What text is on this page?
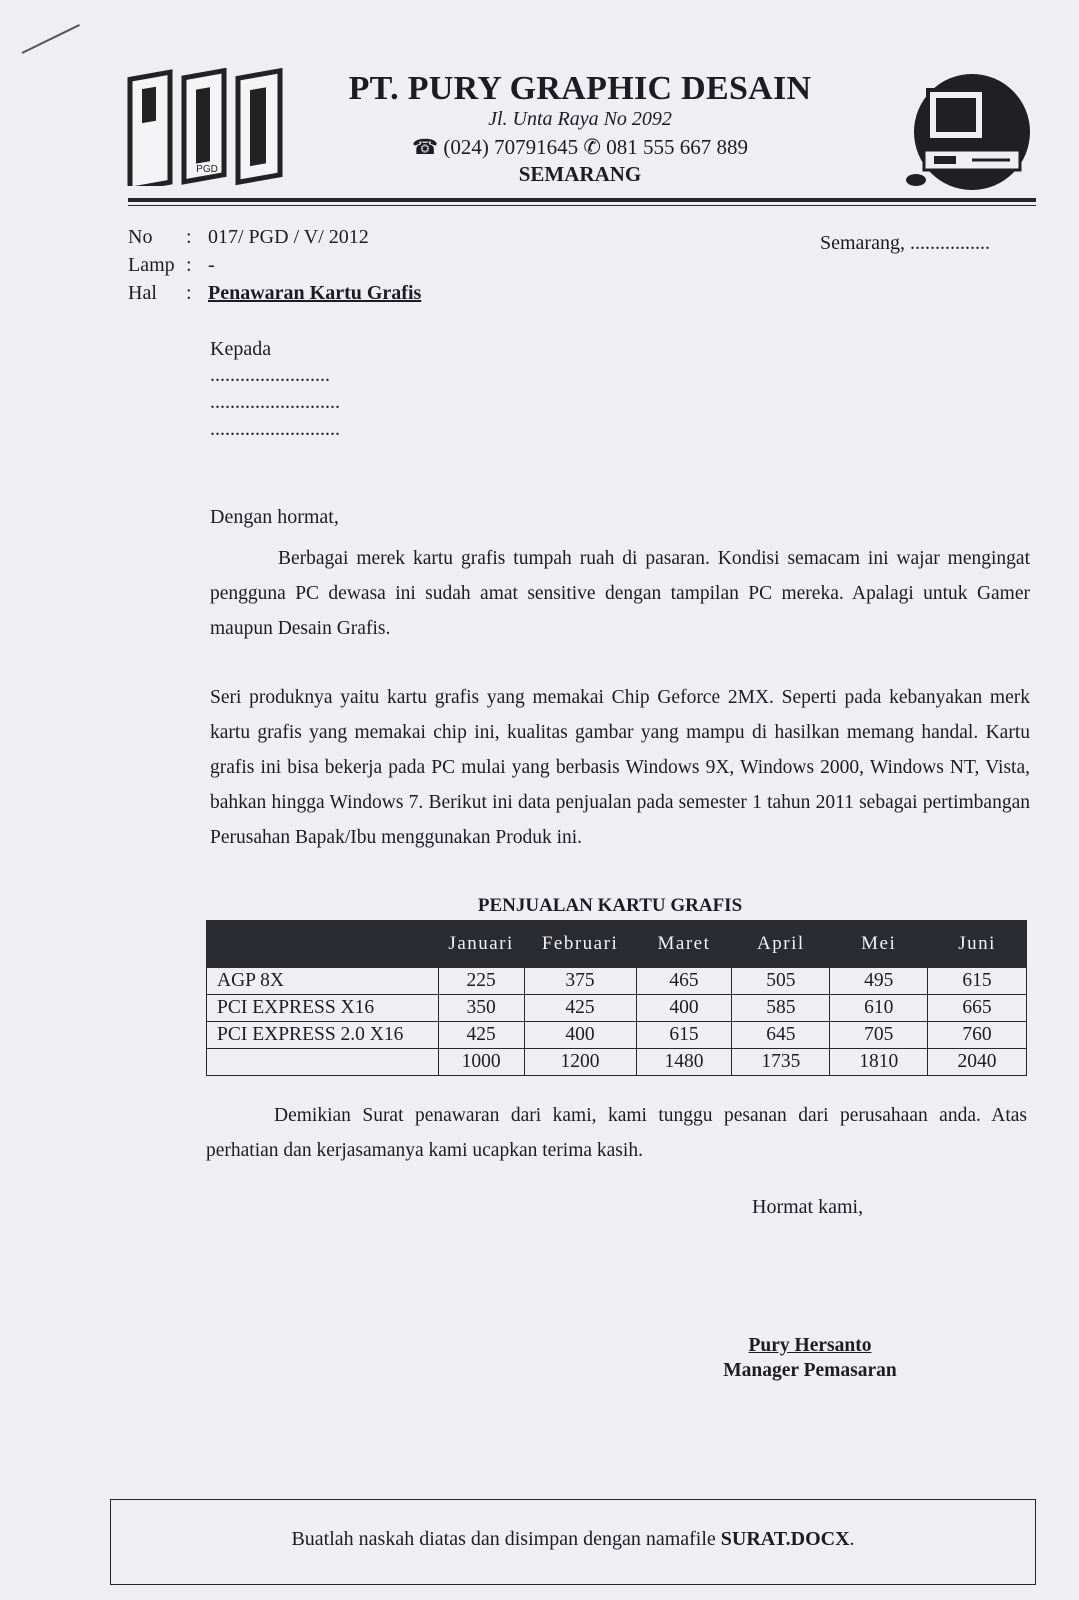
PGD
PT. PURY GRAPHIC DESAIN
Jl. Unta Raya No 2092
☎ (024) 70791645 ✆ 081 555 667 889
SEMARANG
No : 017/ PGD / V/ 2012
Lamp : -
Hal : Penawaran Kartu Grafis
Semarang, ................
Kepada
........................
..........................
..........................
Dengan hormat,
Berbagai merek kartu grafis tumpah ruah di pasaran. Kondisi semacam ini wajar mengingat pengguna PC dewasa ini sudah amat sensitive dengan tampilan PC mereka. Apalagi untuk Gamer maupun Desain Grafis.
Seri produknya yaitu kartu grafis yang memakai Chip Geforce 2MX. Seperti pada kebanyakan merk kartu grafis yang memakai chip ini, kualitas gambar yang mampu di hasilkan memang handal. Kartu grafis ini bisa bekerja pada PC mulai yang berbasis Windows 9X, Windows 2000, Windows NT, Vista, bahkan hingga Windows 7. Berikut ini data penjualan pada semester 1 tahun 2011 sebagai pertimbangan Perusahan Bapak/Ibu menggunakan Produk ini.
PENJUALAN KARTU GRAFIS
	Januari	Februari	Maret	April	Mei	Juni
AGP 8X	225	375	465	505	495	615
PCI EXPRESS X16	350	425	400	585	610	665
PCI EXPRESS 2.0 X16	425	400	615	645	705	760
	1000	1200	1480	1735	1810	2040
Demikian Surat penawaran dari kami, kami tunggu pesanan dari perusahaan anda. Atas perhatian dan kerjasamanya kami ucapkan terima kasih.
Hormat kami,
Pury Hersanto
Manager Pemasaran
Buatlah naskah diatas dan disimpan dengan namafile SURAT.DOCX.
